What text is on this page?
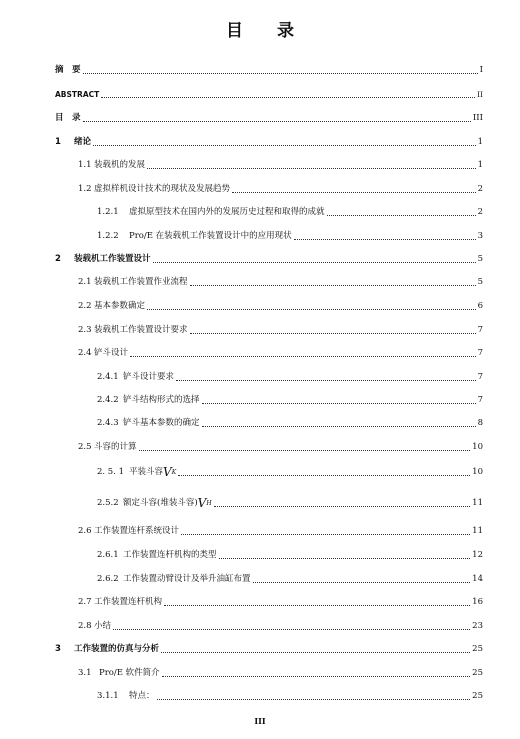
目 录
摘　要	I
ABSTRACT	II
目　录	III
1	绪论	1
1.1 装载机的发展	1
1.2 虚拟样机设计技术的现状及发展趋势	2
1.2.1	虚拟原型技术在国内外的发展历史过程和取得的成就	2
1.2.2	Pro/E 在装载机工作装置设计中的应用现状	3
2	装载机工作装置设计	5
2.1 装载机工作装置作业流程	5
2.2 基本参数确定	6
2.3 装载机工作装置设计要求	7
2.4 铲斗设计	7
2.4.1 铲斗设计要求	7
2.4.2 铲斗结构形式的选择	7
2.4.3 铲斗基本参数的确定	8
2.5 斗容的计算	10
2. 5. 1 平装斗容 V K	10
2.5.2 额定斗容(堆装斗容) V H	11
2.6 工作装置连杆系统设计	11
2.6.1 工作装置连杆机构的类型	12
2.6.2 工作装置动臂设计及举升油缸布置	14
2.7 工作装置连杆机构	16
2.8 小结	23
3	工作装置的仿真与分析	25
3.1 Pro/E 软件简介	25
3.1.1	特点：	25
III
